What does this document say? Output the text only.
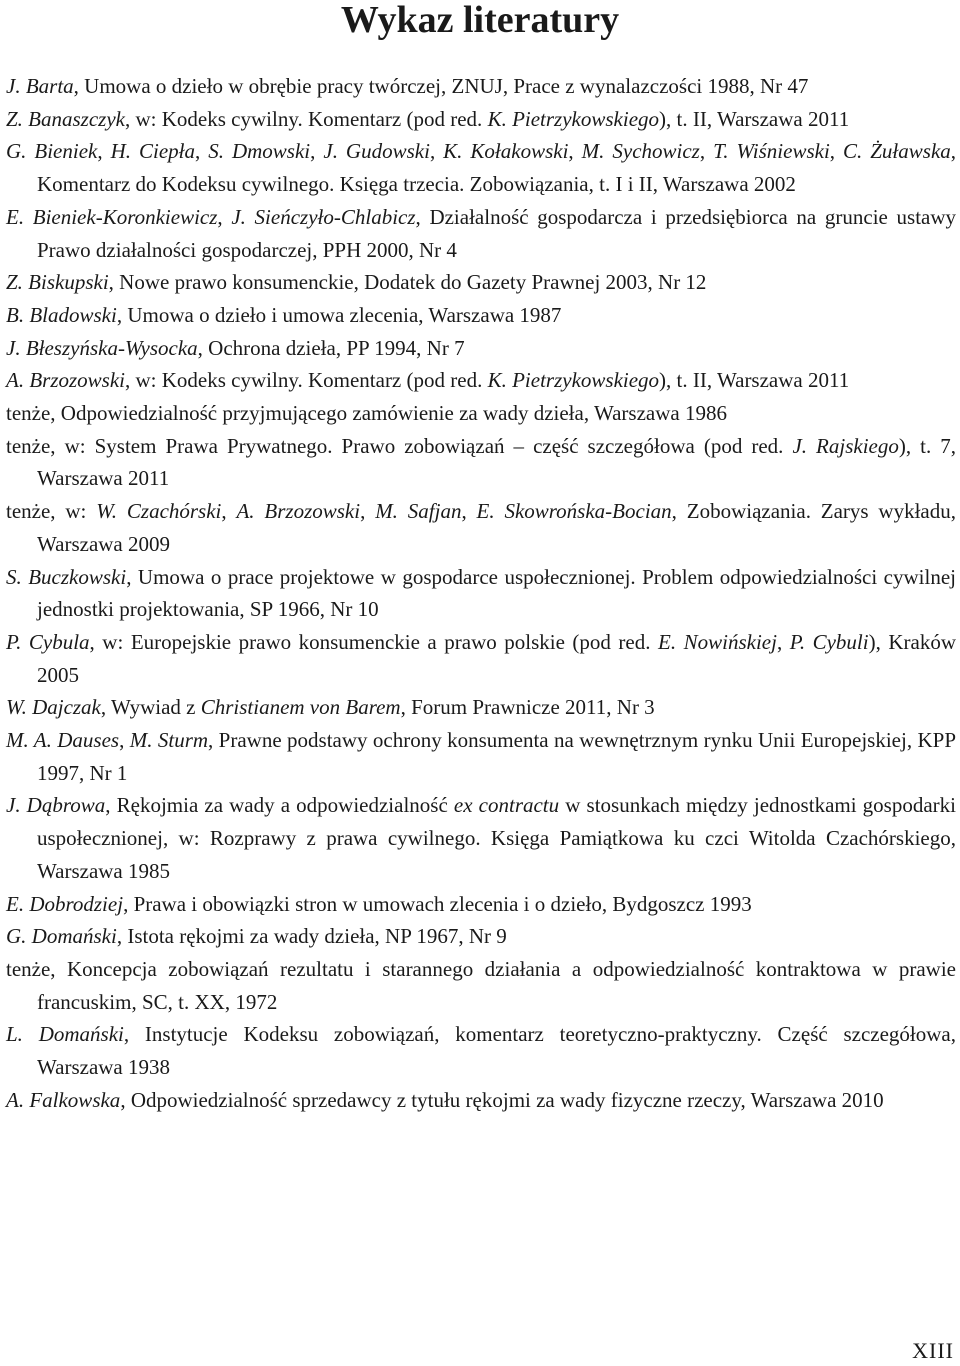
Wykaz literatury
J. Barta, Umowa o dzieło w obrębie pracy twórczej, ZNUJ, Prace z wynalazczości 1988, Nr 47
Z. Banaszczyk, w: Kodeks cywilny. Komentarz (pod red. K. Pietrzykowskiego), t. II, Warszawa 2011
G. Bieniek, H. Ciepła, S. Dmowski, J. Gudowski, K. Kołakowski, M. Sychowicz, T. Wiśniewski, C. Żuławska, Komentarz do Kodeksu cywilnego. Księga trzecia. Zobowiązania, t. I i II, Warszawa 2002
E. Bieniek-Koronkiewicz, J. Sieńczyło-Chlabicz, Działalność gospodarcza i przedsiębiorca na gruncie ustawy Prawo działalności gospodarczej, PPH 2000, Nr 4
Z. Biskupski, Nowe prawo konsumenckie, Dodatek do Gazety Prawnej 2003, Nr 12
B. Bladowski, Umowa o dzieło i umowa zlecenia, Warszawa 1987
J. Błeszyńska-Wysocka, Ochrona dzieła, PP 1994, Nr 7
A. Brzozowski, w: Kodeks cywilny. Komentarz (pod red. K. Pietrzykowskiego), t. II, Warszawa 2011
tenże, Odpowiedzialność przyjmującego zamówienie za wady dzieła, Warszawa 1986
tenże, w: System Prawa Prywatnego. Prawo zobowiązań – część szczegółowa (pod red. J. Rajskiego), t. 7, Warszawa 2011
tenże, w: W. Czachórski, A. Brzozowski, M. Safjan, E. Skowrońska-Bocian, Zobowiązania. Zarys wykładu, Warszawa 2009
S. Buczkowski, Umowa o prace projektowe w gospodarce uspołecznionej. Problem odpowiedzialności cywilnej jednostki projektowania, SP 1966, Nr 10
P. Cybula, w: Europejskie prawo konsumenckie a prawo polskie (pod red. E. Nowińskiej, P. Cybuli), Kraków 2005
W. Dajczak, Wywiad z Christianem von Barem, Forum Prawnicze 2011, Nr 3
M. A. Dauses, M. Sturm, Prawne podstawy ochrony konsumenta na wewnętrznym rynku Unii Europejskiej, KPP 1997, Nr 1
J. Dąbrowa, Rękojmia za wady a odpowiedzialność ex contractu w stosunkach między jednostkami gospodarki uspołecznionej, w: Rozprawy z prawa cywilnego. Księga Pamiątkowa ku czci Witolda Czachórskiego, Warszawa 1985
E. Dobrodziej, Prawa i obowiązki stron w umowach zlecenia i o dzieło, Bydgoszcz 1993
G. Domański, Istota rękojmi za wady dzieła, NP 1967, Nr 9
tenże, Koncepcja zobowiązań rezultatu i starannego działania a odpowiedzialność kontraktowa w prawie francuskim, SC, t. XX, 1972
L. Domański, Instytucje Kodeksu zobowiązań, komentarz teoretyczno-praktyczny. Część szczegółowa, Warszawa 1938
A. Falkowska, Odpowiedzialność sprzedawcy z tytułu rękojmi za wady fizyczne rzeczy, Warszawa 2010
XIII
